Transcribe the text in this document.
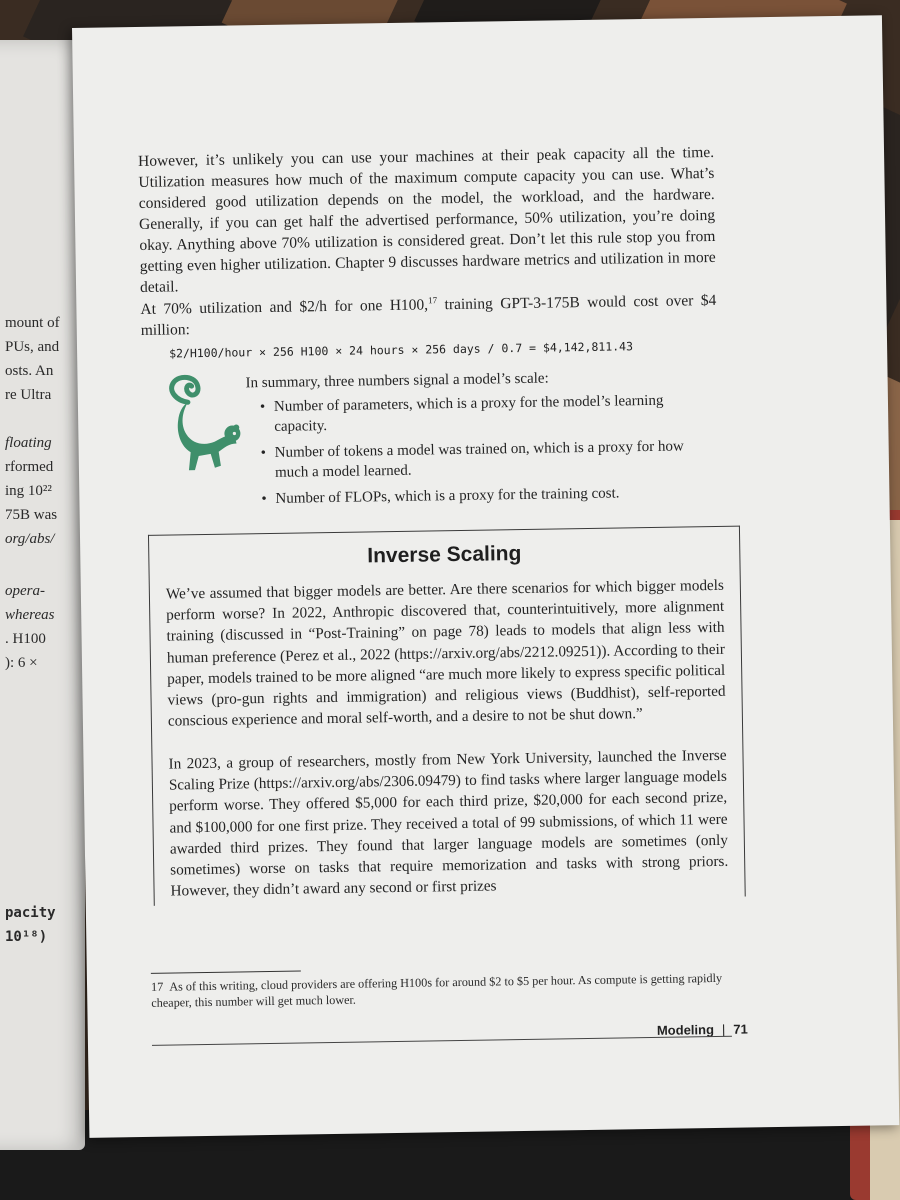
mount of
PUs, and
osts. An
re Ultra
floating
rformed
ing 10²²
75B was
org/abs/
opera-
whereas
. H100
): 6 ×
pacity
10¹⁸)
However, it’s unlikely you can use your machines at their peak capacity all the time. Utilization measures how much of the maximum compute capacity you can use. What’s considered good utilization depends on the model, the workload, and the hardware. Generally, if you can get half the advertised performance, 50% utilization, you’re doing okay. Anything above 70% utilization is considered great. Don’t let this rule stop you from getting even higher utilization. Chapter 9 discusses hardware metrics and utilization in more detail.
At 70% utilization and $2/h for one H100,17 training GPT-3-175B would cost over $4 million:
$2/H100/hour × 256 H100 × 24 hours × 256 days / 0.7 = $4,142,811.43
In summary, three numbers signal a model’s scale:
• Number of parameters, which is a proxy for the model’s learning capacity.
• Number of tokens a model was trained on, which is a proxy for how much a model learned.
• Number of FLOPs, which is a proxy for the training cost.
Inverse Scaling
We’ve assumed that bigger models are better. Are there scenarios for which bigger models perform worse? In 2022, Anthropic discovered that, counterintuitively, more alignment training (discussed in “Post-Training” on page 78) leads to models that align less with human preference (Perez et al., 2022 (https://arxiv.org/abs/2212.09251)). According to their paper, models trained to be more aligned “are much more likely to express specific political views (pro-gun rights and immigration) and religious views (Buddhist), self-reported conscious experience and moral self-worth, and a desire to not be shut down.”
In 2023, a group of researchers, mostly from New York University, launched the Inverse Scaling Prize (https://arxiv.org/abs/2306.09479) to find tasks where larger language models perform worse. They offered $5,000 for each third prize, $20,000 for each second prize, and $100,000 for one first prize. They received a total of 99 submissions, of which 11 were awarded third prizes. They found that larger language models are sometimes (only sometimes) worse on tasks that require memorization and tasks with strong priors. However, they didn’t award any second or first prizes
17 As of this writing, cloud providers are offering H100s for around $2 to $5 per hour. As compute is getting rapidly cheaper, this number will get much lower.
Modeling | 71
